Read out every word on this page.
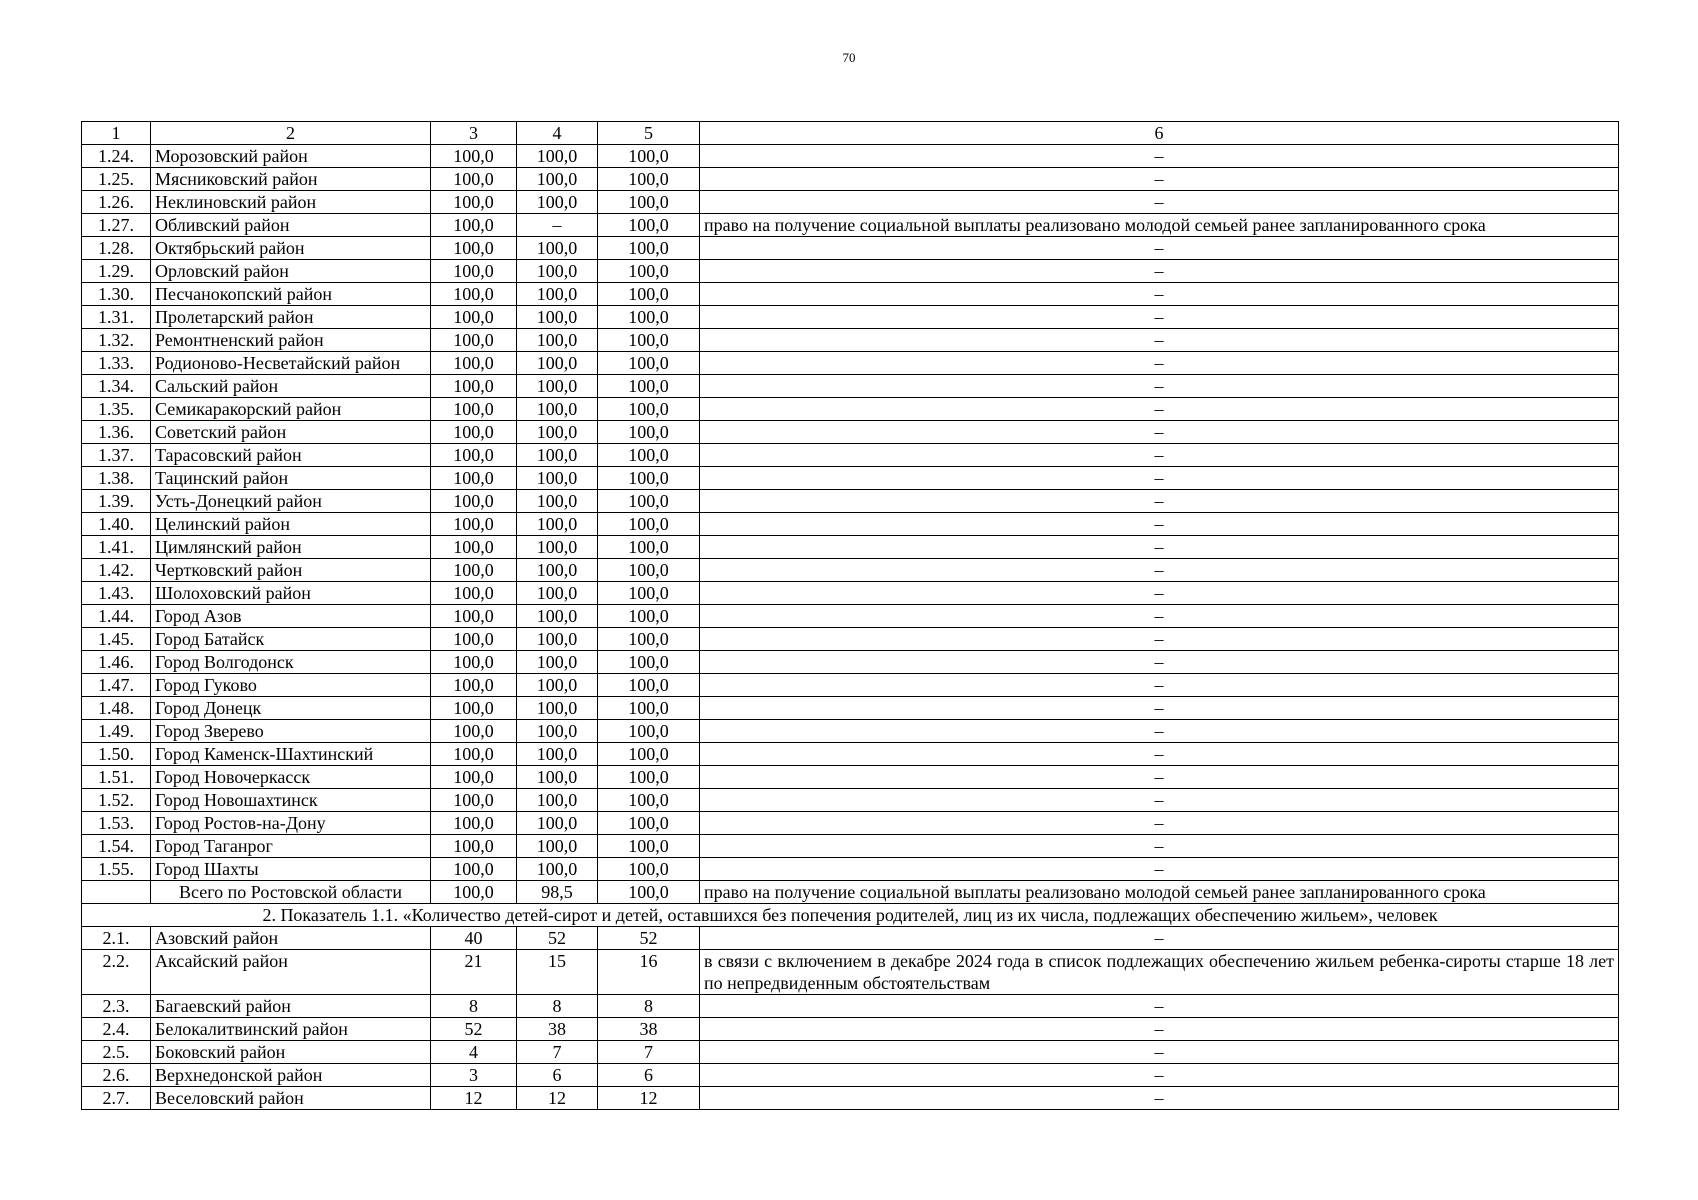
70
1	2	3	4	5	6
1.24.	Морозовский район	100,0	100,0	100,0	–
1.25.	Мясниковский район	100,0	100,0	100,0	–
1.26.	Неклиновский район	100,0	100,0	100,0	–
1.27.	Обливский район	100,0	–	100,0	право на получение социальной выплаты реализовано молодой семьей ранее запланированного срока
1.28.	Октябрьский район	100,0	100,0	100,0	–
1.29.	Орловский район	100,0	100,0	100,0	–
1.30.	Песчанокопский район	100,0	100,0	100,0	–
1.31.	Пролетарский район	100,0	100,0	100,0	–
1.32.	Ремонтненский район	100,0	100,0	100,0	–
1.33.	Родионово-Несветайский район	100,0	100,0	100,0	–
1.34.	Сальский район	100,0	100,0	100,0	–
1.35.	Семикаракорский район	100,0	100,0	100,0	–
1.36.	Советский район	100,0	100,0	100,0	–
1.37.	Тарасовский район	100,0	100,0	100,0	–
1.38.	Тацинский район	100,0	100,0	100,0	–
1.39.	Усть-Донецкий район	100,0	100,0	100,0	–
1.40.	Целинский район	100,0	100,0	100,0	–
1.41.	Цимлянский район	100,0	100,0	100,0	–
1.42.	Чертковский район	100,0	100,0	100,0	–
1.43.	Шолоховский район	100,0	100,0	100,0	–
1.44.	Город Азов	100,0	100,0	100,0	–
1.45.	Город Батайск	100,0	100,0	100,0	–
1.46.	Город Волгодонск	100,0	100,0	100,0	–
1.47.	Город Гуково	100,0	100,0	100,0	–
1.48.	Город Донецк	100,0	100,0	100,0	–
1.49.	Город Зверево	100,0	100,0	100,0	–
1.50.	Город Каменск-Шахтинский	100,0	100,0	100,0	–
1.51.	Город Новочеркасск	100,0	100,0	100,0	–
1.52.	Город Новошахтинск	100,0	100,0	100,0	–
1.53.	Город Ростов-на-Дону	100,0	100,0	100,0	–
1.54.	Город Таганрог	100,0	100,0	100,0	–
1.55.	Город Шахты	100,0	100,0	100,0	–
	Всего по Ростовской области	100,0	98,5	100,0	право на получение социальной выплаты реализовано молодой семьей ранее запланированного срока
2. Показатель 1.1. «Количество детей-сирот и детей, оставшихся без попечения родителей, лиц из их числа, подлежащих обеспечению жильем», человек					
2.1.	Азовский район	40	52	52	–
2.2.	Аксайский район	21	15	16	в связи с включением в декабре 2024 года в список подлежащих обеспечению жильем ребенка-сироты старше 18 лет по непредвиденным обстоятельствам
2.3.	Багаевский район	8	8	8	–
2.4.	Белокалитвинский район	52	38	38	–
2.5.	Боковский район	4	7	7	–
2.6.	Верхнедонской район	3	6	6	–
2.7.	Веселовский район	12	12	12	–
